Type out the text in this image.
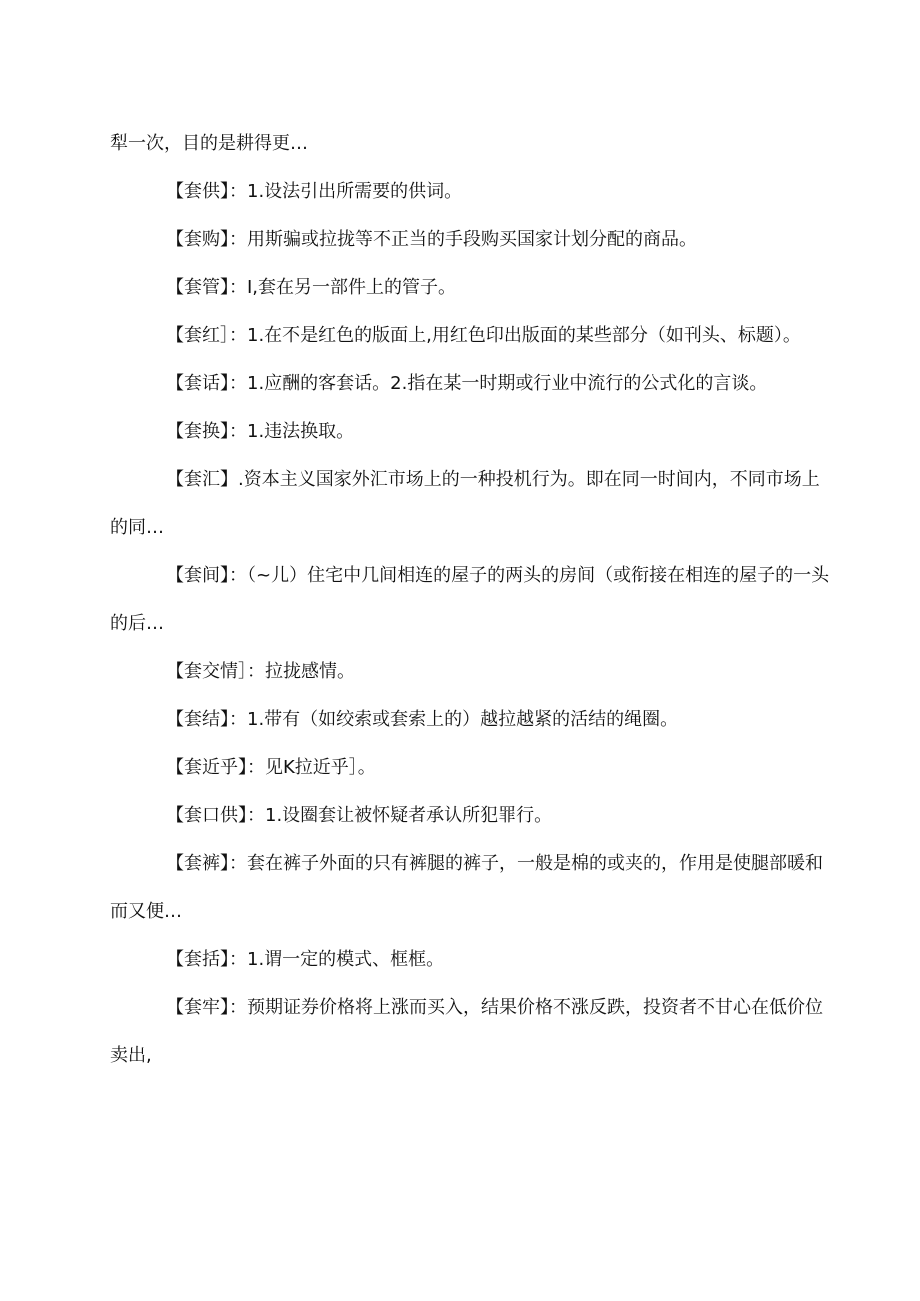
犁一次，目的是耕得更…

【套供】：1.设法引出所需要的供词。

【套购】：用斯骗或拉拢等不正当的手段购买国家计划分配的商品。

【套管】：I,套在另一部件上的管子。

【套红］：1.在不是红色的版面上,用红色印出版面的某些部分（如刊头、标题）。

【套话】：1.应酬的客套话。2.指在某一时期或行业中流行的公式化的言谈。

【套换】：1.违法换取。

【套汇】.资本主义国家外汇市场上的一种投机行为。即在同一时间内，不同市场上的同…

【套间】：（~儿）住宅中几间相连的屋子的两头的房间（或衔接在相连的屋子的一头的后…

【套交情］：拉拢感情。

【套结】：1.带有（如绞索或套索上的）越拉越紧的活结的绳圈。

【套近乎】：见K拉近乎］。

【套口供】：1.设圈套让被怀疑者承认所犯罪行。

【套裤】：套在裤子外面的只有裤腿的裤子，一般是棉的或夹的，作用是使腿部暖和而又便…

【套括】：1.谓一定的模式、框框。

【套牢】：预期证券价格将上涨而买入，结果价格不涨反跌，投资者不甘心在低价位卖出,
